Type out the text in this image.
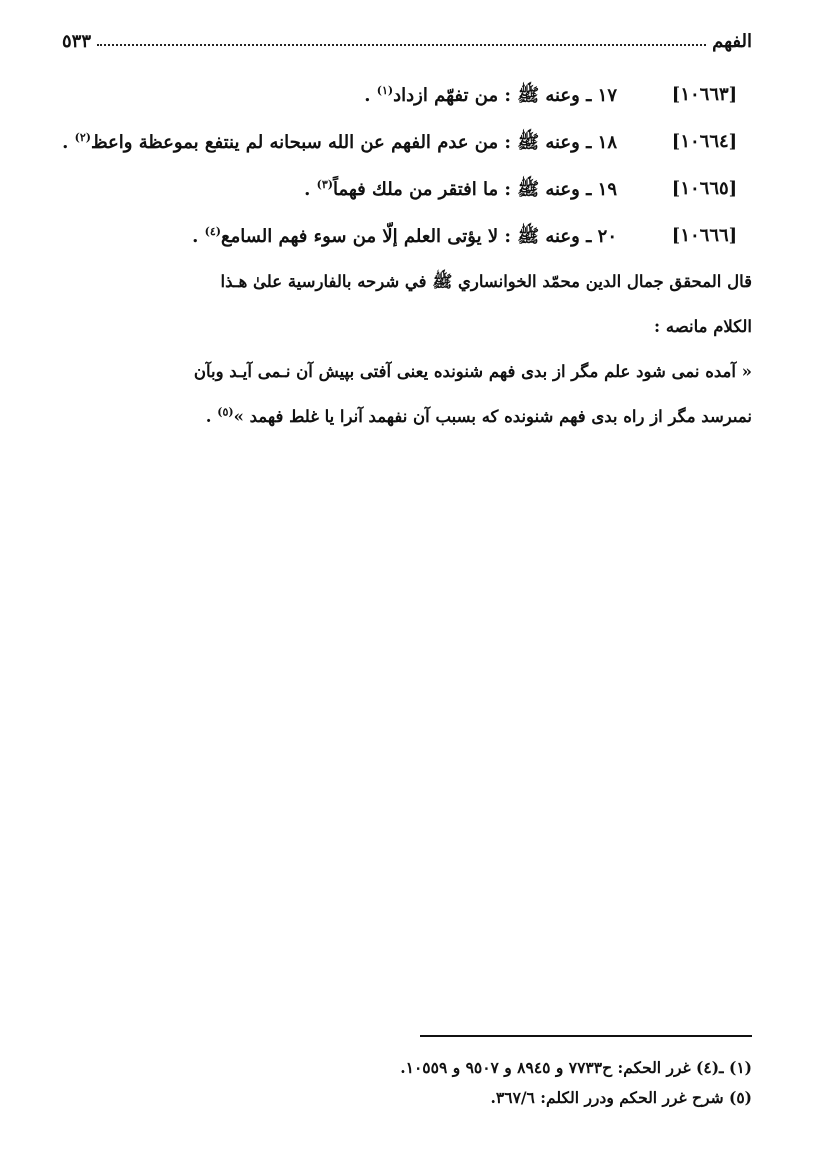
الفهم
٥٣٣
[١٠٦٦٣]
١٧ ـ وعنه ﷺ : من تفهّم ازداد$^{(١)}$ .
[١٠٦٦٤]
١٨ ـ وعنه ﷺ : من عدم الفهم عن الله سبحانه لم ينتفع بموعظة واعظ$^{(٢)}$ .
[١٠٦٦٥]
١٩ ـ وعنه ﷺ : ما افتقر من ملك فهماً$^{(٣)}$ .
[١٠٦٦٦]
٢٠ ـ وعنه ﷺ : لا يؤتى العلم إلّا من سوء فهم السامع$^{(٤)}$ .
قال المحقق جمال الدين محمّد الخوانساري ﷺ في شرحه بالفارسية علىٰ هـذا
الكلام مانصه :
« آمده نمى شود علم مگر از بدى فهم شنونده يعنى آفتى بپيش آن نـمى آيـد وبآن
نمىرسد مگر از راه بدى فهم شنونده كه بسبب آن نفهمد آنرا يا غلط فهمد »$^{(٥)}$ .
(١) ـ(٤) غرر الحكم: ح٧٧٣٣ و ٨٩٤٥ و ٩٥٠٧ و ١٠٥٥٩.
(٥) شرح غرر الحكم ودرر الكلم: ٣٦٧/٦.
